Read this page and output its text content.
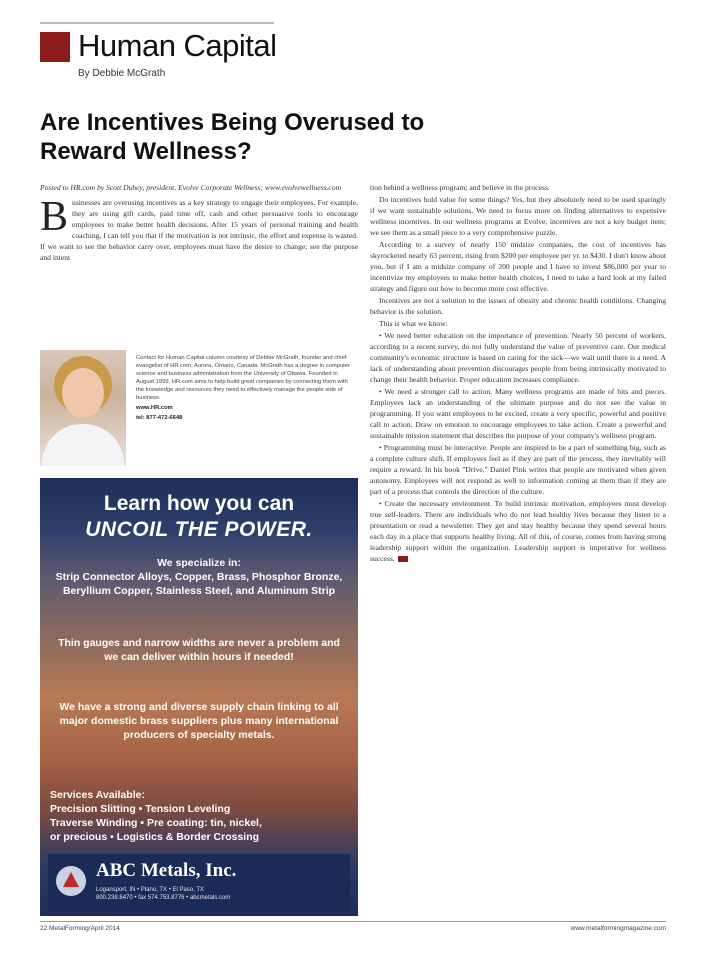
Human Capital
By Debbie McGrath
Are Incentives Being Overused to Reward Wellness?

Posted to HR.com by Scott Dubey, president, Evolve Corporate Wellness; www.evolvewellness.com

Businesses are overusing incentives as a key strategy to engage their employees. For example, they are using gift cards, paid time off, cash and other persuasive tools to encourage employees to make better health decisions. After 15 years of personal training and health coaching, I can tell you that if the motivation is not intrinsic, the effort and expense is wasted. If we want to see the behavior carry over, employees must have the desire to change; see the purpose and intent

Contact for Human Capital column courtesy of Debbie McGrath, founder and chief evangelist of HR.com, Aurora, Ontario, Canada. McGrath has a degree in computer science and business administration from the University of Ottawa. Founded in August 1999, HR.com aims to help build great companies by connecting them with the knowledge and resources they need to effectively manage the people side of business.
www.HR.com
tel: 877-472-6648
Learn how you can
UNCOIL THE POWER.
We specialize in:
Strip Connector Alloys, Copper, Brass, Phosphor Bronze, Beryllium Copper, Stainless Steel, and Aluminum Strip
Thin gauges and narrow widths are never a problem and we can deliver within hours if needed!
We have a strong and diverse supply chain linking to all major domestic brass suppliers plus many international producers of specialty metals.
Services Available:
Precision Slitting • Tension Leveling
Traverse Winding • Pre coating: tin, nickel,
or precious • Logistics & Border Crossing
ABC Metals, Inc.
Logansport, IN • Plano, TX • El Paso, TX
800.238.8470 • fax 574.753.8776 • abcmetals.com

tion behind a wellness program; and believe in the process.

Do incentives hold value for some things? Yes, but they absolutely need to be used sparingly if we want sustainable solutions. We need to focus more on finding alternatives to expensive wellness incentives. In our wellness programs at Evolve, incentives are not a key budget item; we see them as a small piece to a very comprehensive puzzle.

According to a survey of nearly 150 midsize companies, the cost of incentives has skyrocketed nearly 63 percent, rising from $200 per employee per yr. to $430. I don't know about you, but if I am a midsize company of 200 people and I have to invest $86,000 per year to incentivize my employees to make better health choices, I need to take a hard look at my failed strategy and figure out how to become more cost effective.

Incentives are not a solution to the issues of obesity and chronic health conditions. Changing behavior is the solution.

This is what we know:

• We need better education on the importance of prevention. Nearly 50 percent of workers, according to a recent survey, do not fully understand the value of preventive care. Our medical community's economic structure is based on caring for the sick—we wait until there is a need. A lack of understanding about prevention discourages people from being intrinsically motivated to change their health behavior. Proper education increases compliance.

• We need a stronger call to action. Many wellness programs are made of bits and pieces. Employees lack an understanding of the ultimate purpose and do not see the value in programming. If you want employees to be excited, create a very specific, powerful and positive call to action. Draw on emotion to encourage employees to take action. Create a powerful and sustainable mission statement that describes the purpose of your company's wellness program.

• Programming must be interactive. People are inspired to be a part of something big, such as a complete culture shift. If employees feel as if they are part of the process, they inevitably will require a reward. In his book "Drive," Daniel Pink writes that people are motivated when given autonomy. Employees will not respond as well to information coming at them than if they are part of a process that controls the direction of the culture.

• Create the necessary environment. To build intrinsic motivation, employees must develop true self-leaders. There are individuals who do not lead healthy lives because they listen to a presentation or read a newsletter. They get and stay healthy because they spend several hours each day in a place that supports healthy living. All of this, of course, comes from having strong leadership support within the organization. Leadership support is imperative for wellness success.

22 MetalForming/April 2014	www.metalformingmagazine.com
